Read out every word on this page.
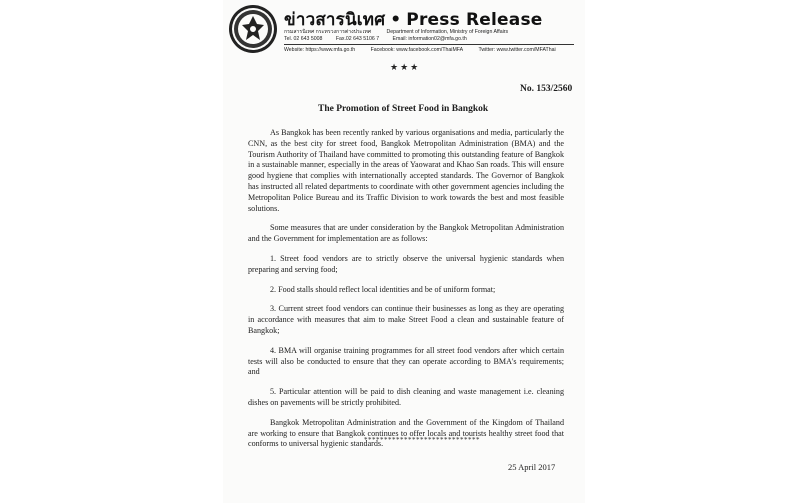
ข่าวสารนิเทศ • Press Release
กรมสารนิเทศ กระทรวงการต่างประเทศ	Department of Information, Ministry of Foreign Affairs
Tel. 02 643 5008	Fax.02 643 5106 7	Email: information02@mfa.go.th
Website: https://www.mfa.go.th	Facebook: www.facebook.com/ThaiMFA	Twitter: www.twitter.com/MFAThai
★★★
No. 153/2560
The Promotion of Street Food in Bangkok

As Bangkok has been recently ranked by various organisations and media, particularly the CNN, as the best city for street food, Bangkok Metropolitan Administration (BMA) and the Tourism Authority of Thailand have committed to promoting this outstanding feature of Bangkok in a sustainable manner, especially in the areas of Yaowarat and Khao San roads. This will ensure good hygiene that complies with internationally accepted standards. The Governor of Bangkok has instructed all related departments to coordinate with other government agencies including the Metropolitan Police Bureau and its Traffic Division to work towards the best and most feasible solutions.

Some measures that are under consideration by the Bangkok Metropolitan Administration and the Government for implementation are as follows:

1. Street food vendors are to strictly observe the universal hygienic standards when preparing and serving food;

2. Food stalls should reflect local identities and be of uniform format;

3. Current street food vendors can continue their businesses as long as they are operating in accordance with measures that aim to make Street Food a clean and sustainable feature of Bangkok;

4. BMA will organise training programmes for all street food vendors after which certain tests will also be conducted to ensure that they can operate according to BMA's requirements; and

5. Particular attention will be paid to dish cleaning and waste management i.e. cleaning dishes on pavements will be strictly prohibited.

Bangkok Metropolitan Administration and the Government of the Kingdom of Thailand are working to ensure that Bangkok continues to offer locals and tourists healthy street food that conforms to universal hygienic standards.

*****************************
25 April 2017
